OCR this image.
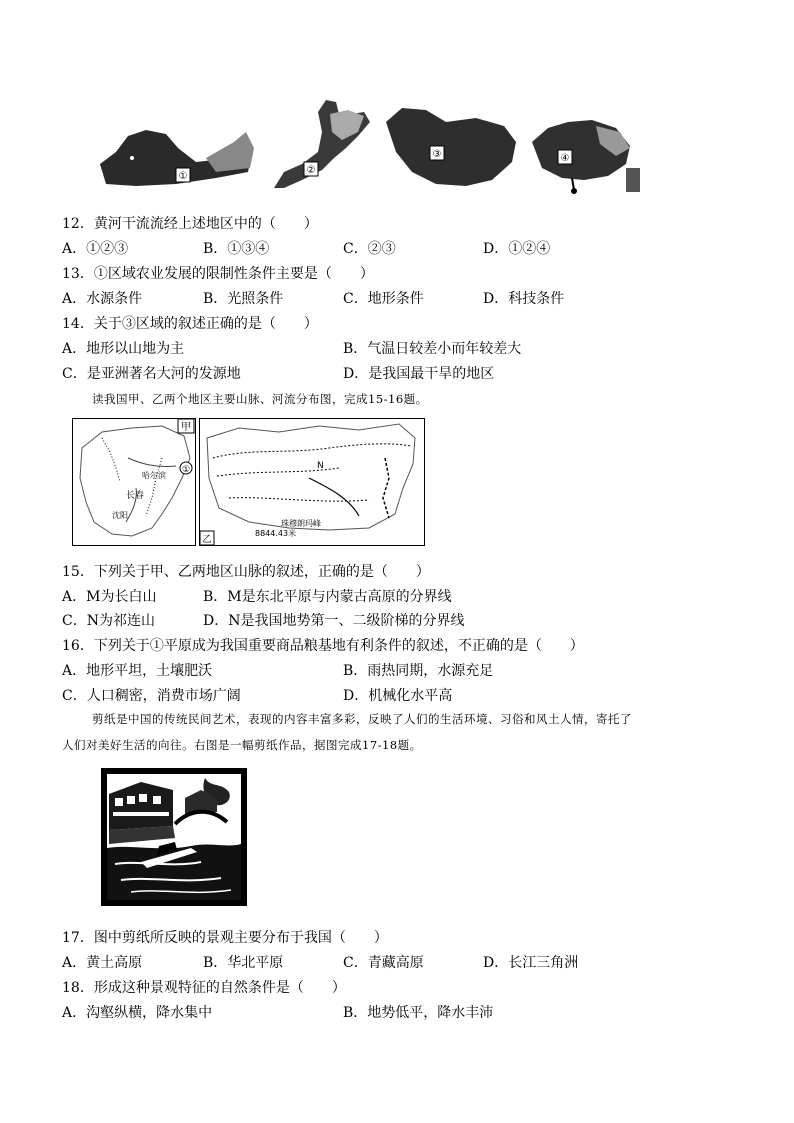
①
②
③	④
12．黄河干流流经上述地区中的（　　）
A．①②③	B．①③④	C．②③	D．①②④
13．①区域农业发展的限制性条件主要是（　　）
A．水源条件	B．光照条件	C．地形条件	D．科技条件
14．关于③区域的叙述正确的是（　　）
A．地形以山地为主	B．气温日较差小而年较差大
C．是亚洲著名大河的发源地	D．是我国最干旱的地区
读我国甲、乙两个地区主要山脉、河流分布图，完成15-16题。
甲
①
哈尔滨
长春
沈阳
N
珠穆朗玛峰
8844.43米
乙
15．下列关于甲、乙两地区山脉的叙述，正确的是（　　）
A．M为长白山	B．M是东北平原与内蒙古高原的分界线
C．N为祁连山	D．N是我国地势第一、二级阶梯的分界线
16．下列关于①平原成为我国重要商品粮基地有利条件的叙述，不正确的是（　　）
A．地形平坦，土壤肥沃	B．雨热同期，水源充足
C．人口稠密，消费市场广阔	D．机械化水平高
剪纸是中国的传统民间艺术，表现的内容丰富多彩，反映了人们的生活环境、习俗和风土人情，寄托了
人们对美好生活的向往。右图是一幅剪纸作品，据图完成17-18题。
17．图中剪纸所反映的景观主要分布于我国（　　）
A．黄土高原	B．华北平原	C．青藏高原	D．长江三角洲
18．形成这种景观特征的自然条件是（　　）
A．沟壑纵横，降水集中	B．地势低平，降水丰沛
